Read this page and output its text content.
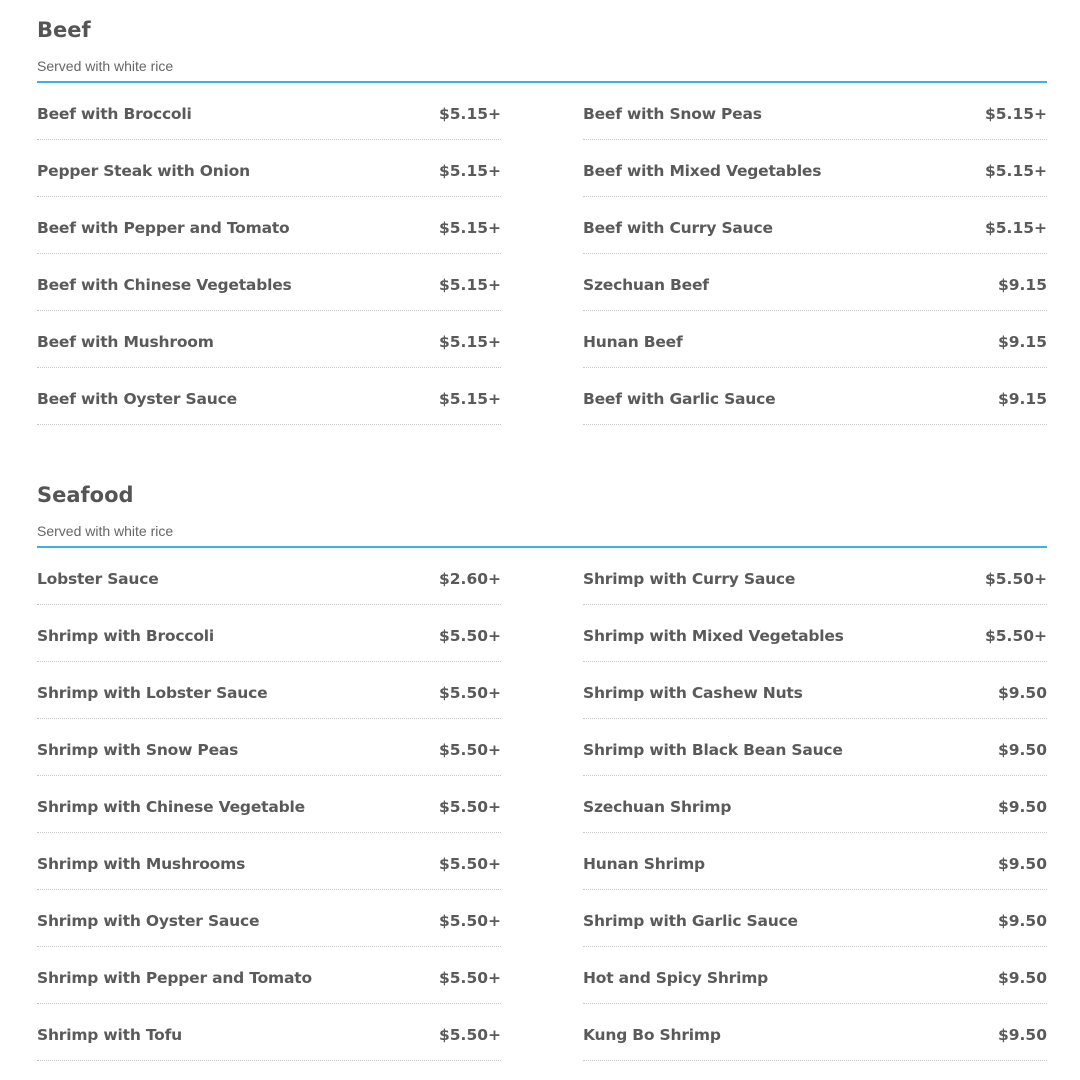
Beef
Served with white rice
Beef with Broccoli	$5.15+	Beef with Snow Peas	$5.15+
Pepper Steak with Onion	$5.15+	Beef with Mixed Vegetables	$5.15+
Beef with Pepper and Tomato	$5.15+	Beef with Curry Sauce	$5.15+
Beef with Chinese Vegetables	$5.15+	Szechuan Beef	$9.15
Beef with Mushroom	$5.15+	Hunan Beef	$9.15
Beef with Oyster Sauce	$5.15+	Beef with Garlic Sauce	$9.15
Seafood
Served with white rice
Lobster Sauce	$2.60+	Shrimp with Curry Sauce	$5.50+
Shrimp with Broccoli	$5.50+	Shrimp with Mixed Vegetables	$5.50+
Shrimp with Lobster Sauce	$5.50+	Shrimp with Cashew Nuts	$9.50
Shrimp with Snow Peas	$5.50+	Shrimp with Black Bean Sauce	$9.50
Shrimp with Chinese Vegetable	$5.50+	Szechuan Shrimp	$9.50
Shrimp with Mushrooms	$5.50+	Hunan Shrimp	$9.50
Shrimp with Oyster Sauce	$5.50+	Shrimp with Garlic Sauce	$9.50
Shrimp with Pepper and Tomato	$5.50+	Hot and Spicy Shrimp	$9.50
Shrimp with Tofu	$5.50+	Kung Bo Shrimp	$9.50
